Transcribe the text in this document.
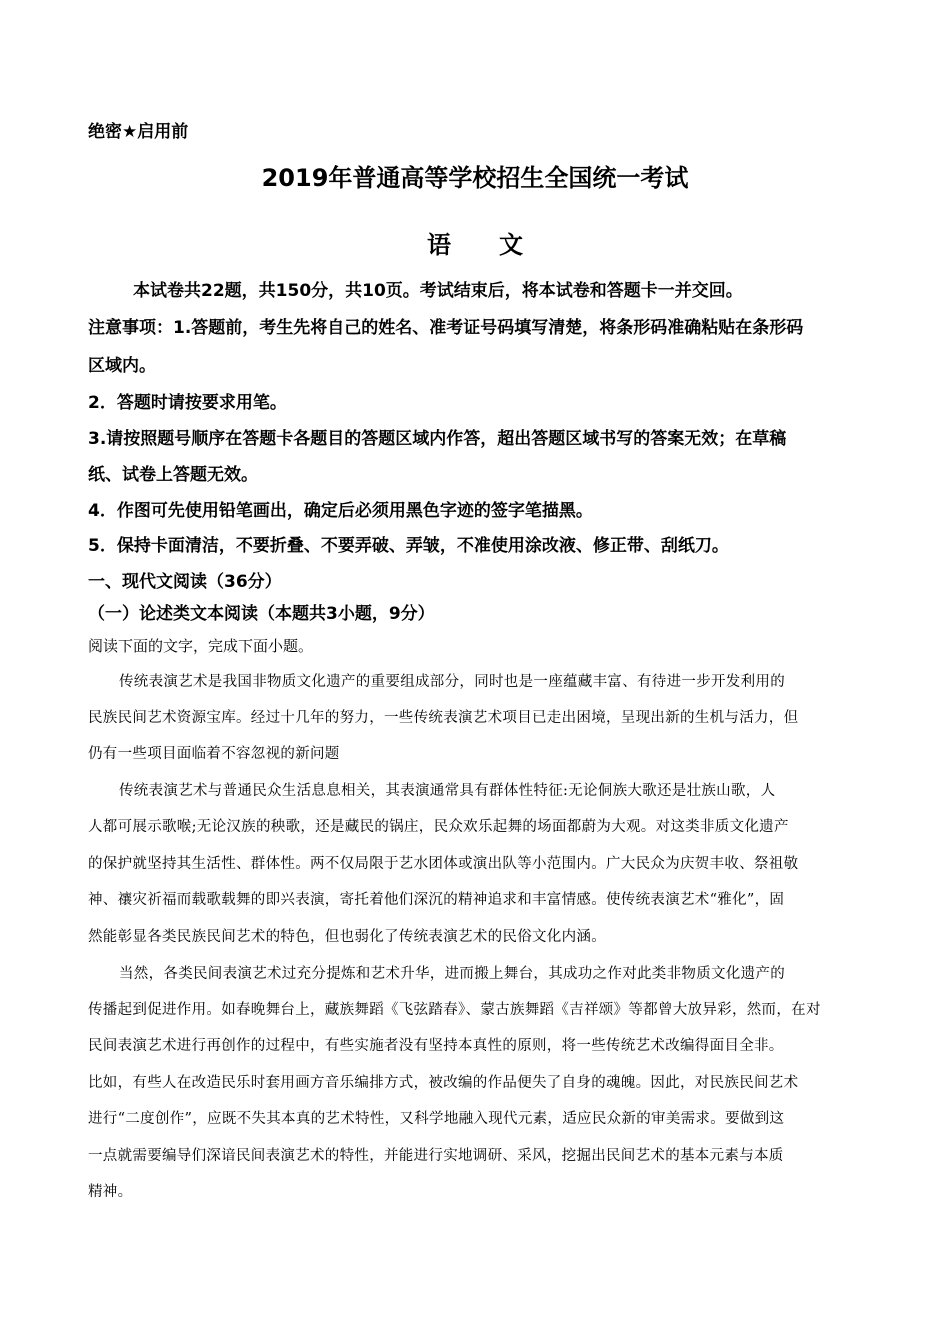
绝密★启用前
2019年普通高等学校招生全国统一考试
语文
本试卷共22题，共150分，共10页。考试结束后，将本试卷和答题卡一并交回。
注意事项：1.答题前，考生先将自己的姓名、准考证号码填写清楚，将条形码准确粘贴在条形码
区域内。
2．答题时请按要求用笔。
3.请按照题号顺序在答题卡各题目的答题区域内作答，超出答题区域书写的答案无效；在草稿
纸、试卷上答题无效。
4．作图可先使用铅笔画出，确定后必须用黑色字迹的签字笔描黑。
5．保持卡面清洁，不要折叠、不要弄破、弄皱，不准使用涂改液、修正带、刮纸刀。
一、现代文阅读（36分）
（一）论述类文本阅读（本题共3小题，9分）
阅读下面的文字，完成下面小题。
传统表演艺术是我国非物质文化遗产的重要组成部分，同时也是一座蕴藏丰富、有待进一步开发利用的
民族民间艺术资源宝库。经过十几年的努力，一些传统表演艺术项目已走出困境，呈现出新的生机与活力，但
仍有一些项目面临着不容忽视的新问题
传统表演艺术与普通民众生活息息相关，其表演通常具有群体性特征:无论侗族大歌还是壮族山歌，人
人都可展示歌喉;无论汉族的秧歌，还是藏民的锅庄，民众欢乐起舞的场面都蔚为大观。对这类非质文化遗产
的保护就坚持其生活性、群体性。两不仅局限于艺水团体或演出队等小范围内。广大民众为庆贺丰收、祭祖敬
神、禳灾祈福而载歌载舞的即兴表演，寄托着他们深沉的精神追求和丰富情感。使传统表演艺术“雅化”，固
然能彰显各类民族民间艺术的特色，但也弱化了传统表演艺术的民俗文化内涵。
当然，各类民间表演艺术过充分提炼和艺术升华，进而搬上舞台，其成功之作对此类非物质文化遗产的
传播起到促进作用。如春晚舞台上，藏族舞蹈《飞弦踏春》、蒙古族舞蹈《吉祥颂》等都曾大放异彩，然而，在对
民间表演艺术进行再创作的过程中，有些实施者没有坚持本真性的原则，将一些传统艺术改编得面目全非。
比如，有些人在改造民乐时套用画方音乐编排方式，被改编的作品便失了自身的魂魄。因此，对民族民间艺术
进行“二度创作”，应既不失其本真的艺术特性，又科学地融入现代元素，适应民众新的审美需求。要做到这
一点就需要编导们深谙民间表演艺术的特性，并能进行实地调研、采风，挖掘出民间艺术的基本元素与本质
精神。
